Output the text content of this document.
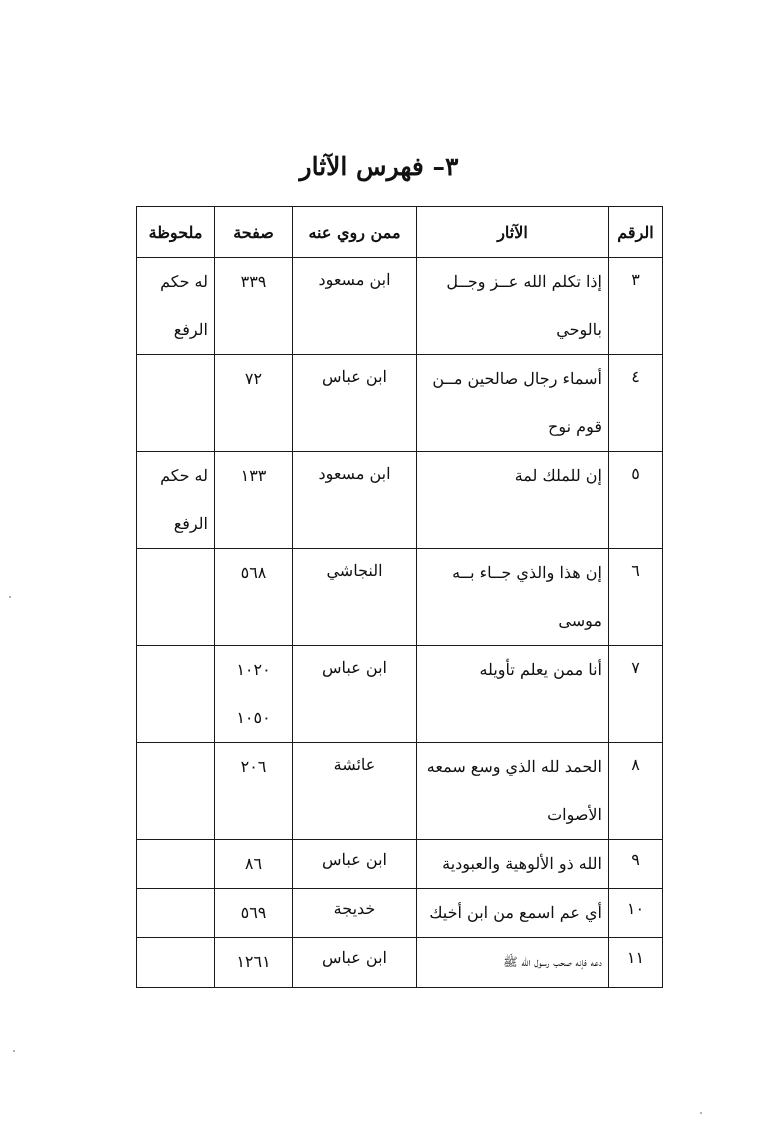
٣– فهرس الآثار
الرقم	الآثار	ممن روي عنه	صفحة	ملحوظة
٣	إذا تكلم الله عــز وجــل بالوحي	ابن مسعود	٣٣٩	له حكم الرفع
٤	أسماء رجال صالحين مــن قوم نوح	ابن عباس	٧٢	
٥	إن للملك لمة	ابن مسعود	١٣٣	له حكم الرفع
٦	إن هذا والذي جــاء بــه موسى	النجاشي	٥٦٨	
٧	أنا ممن يعلم تأويله	ابن عباس	١٠٢٠ ١٠٥٠	
٨	الحمد لله الذي وسع سمعه الأصوات	عائشة	٢٠٦	
٩	الله ذو الألوهية والعبودية	ابن عباس	٨٦	
١٠	أي عم اسمع من ابن أخيك	خديجة	٥٦٩	
١١	دعه فإنه صحب رسول الله ﷺ	ابن عباس	١٢٦١	
